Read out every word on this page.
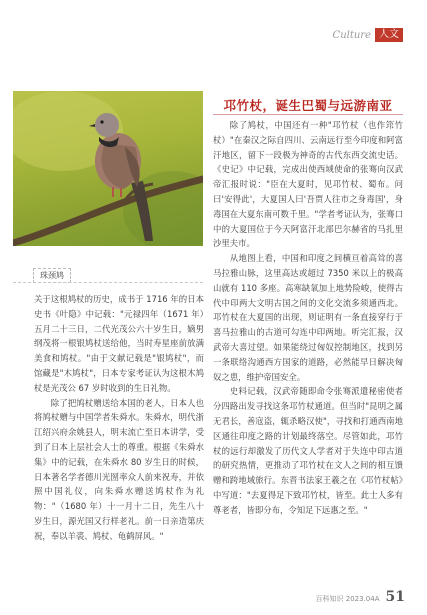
Culture 人文
珠颈鸠
邛竹杖，诞生巴蜀与远游南亚

除了鸠杖，中国还有一种"邛竹杖（也作筇竹杖）"在秦汉之际自四川、云南远行至今印度和阿富汗地区，留下一段极为神奇的古代东西交流史话。《史记》中记载，完成出使西域使命的张骞向汉武帝汇报时说："臣在大夏时，见邛竹杖、蜀布。问曰'安得此'，大夏国人曰'吾贾人往市之身毒国'，身毒国在大夏东南可数千里。"学者考证认为，张骞口中的大夏国位于今天阿富汗北部巴尔赫省的马扎里沙里夫市。

从地图上看，中国和印度之间横亘着高耸的喜马拉雅山脉，这里高达或超过 7350 米以上的极高山就有 110 多座。高寒缺氧加上地势险峻，使得古代中印两大文明古国之间的文化交流多须通西北。邛竹杖在大夏国的出现，则证明有一条直接穿行于喜马拉雅山的古道可勾连中印两地。听完汇报，汉武帝大喜过望。如果能绕过匈奴控制地区，找到另一条联络沟通西方国家的道路，必然能早日解决匈奴之患，维护帝国安全。

史料记载，汉武帝随即命令张骞派遣秘密使者分四路出发寻找这条邛竹杖通道。但当时"昆明之属无君长，善寇盗，辄杀略汉使"，寻找和打通西南地区通往印度之路的计划最终落空。尽管如此，邛竹杖的远行却激发了历代文人学者对于失连中印古道的研究热情，更推动了邛竹杖在文人之间的相互馈赠和跨地域旅行。东晋书法家王羲之在《邛竹杖帖》中写道："去夏得足下致邛竹杖，皆至。此士人多有尊老者，皆即分布，令知足下远惠之至。"

关于这根鸠杖的历史，成书于 1716 年的日本史书《叶隐》中记载："元禄四年（1671 年）五月二十三日，二代光茂公六十岁生日，嫡男纲茂将一根银鸠杖送给他，当时寿星座前放满美食和鸠杖。"由于文献记载是"银鸠杖"，而馆藏是"木鸠杖"，日本专家考证认为这根木鸠杖是光茂公 67 岁时收到的生日礼物。

除了把鸠杖赠送给本国的老人，日本人也将鸠杖赠与中国学者朱舜水。朱舜水，明代浙江绍兴府余姚县人，明末流亡至日本讲学，受到了日本上层社会人士的尊重。根据《朱舜水集》中的记载，在朱舜水 80 岁生日的时候，日本著名学者德川光圀率众人前来祝寿，并依照中国礼仪，向朱舜水赠送鸠杖作为礼物："（1680 年）十一月十二日，先生八十岁生日，源光国又行样老礼。前一日亲造第庆祝，奉以羊裘、鸠杖、龟鹤屏风。"

百科知识 2023.04A 51
